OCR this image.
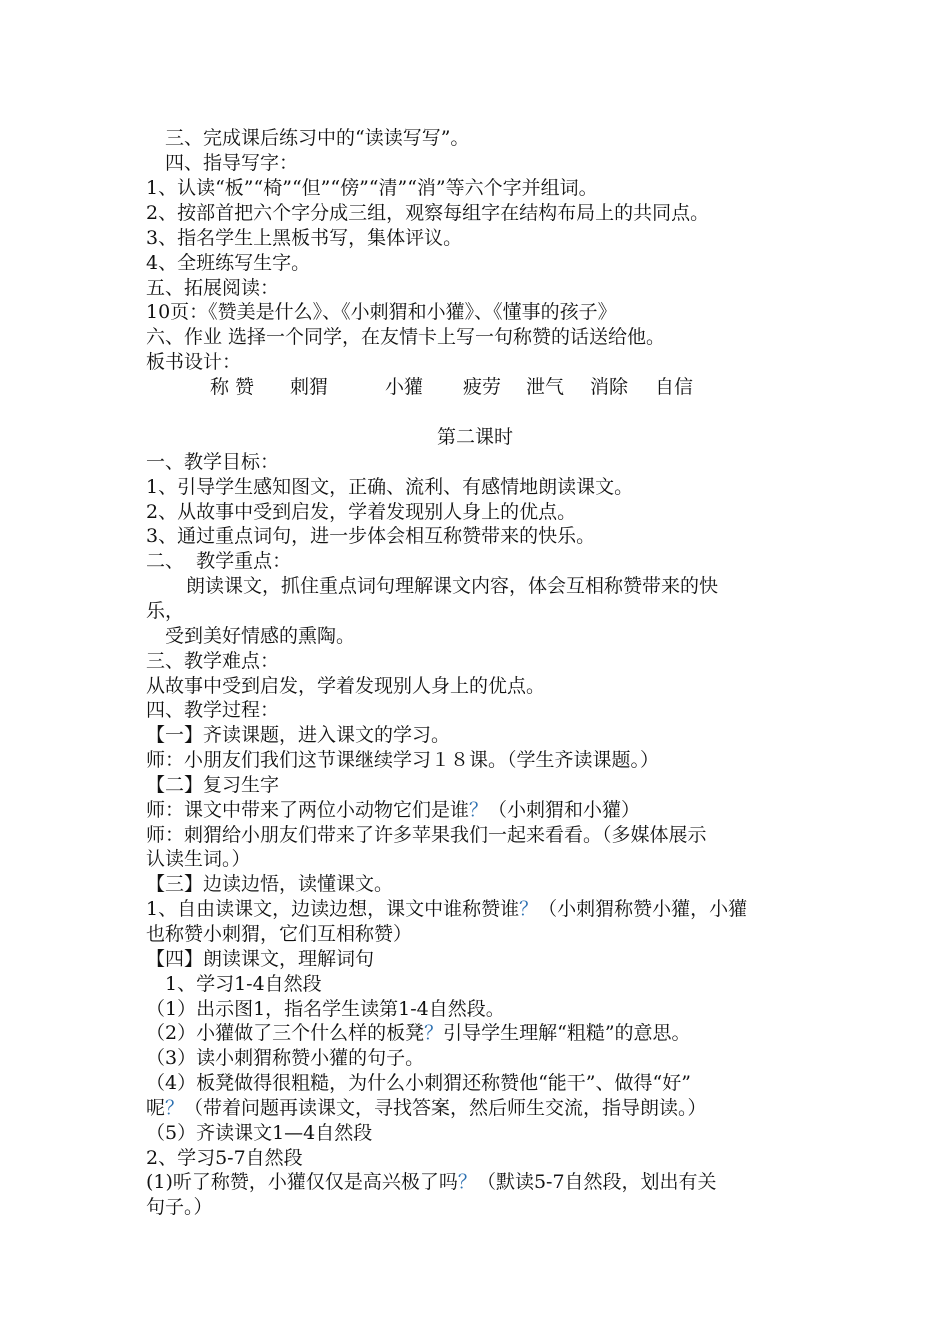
三、完成课后练习中的“读读写写”。
四、指导写字：
1、认读“板”“椅”“但”“傍”“清”“消”等六个字并组词。
2、按部首把六个字分成三组，观察每组字在结构布局上的共同点。
3、指名学生上黑板书写，集体评议。
4、全班练写生字。
五、拓展阅读：
10页：《赞美是什么》、《小刺猬和小獾》、《懂事的孩子》
六、作业 选择一个同学，在友情卡上写一句称赞的话送给他。
板书设计：
称 赞 刺猬	小獾 疲劳 泄气 消除 自信
第二课时
一、教学目标：
1、引导学生感知图文，正确、流利、有感情地朗读课文。
2、从故事中受到启发，学着发现别人身上的优点。
3、通过重点词句，进一步体会相互称赞带来的快乐。
二、  教学重点：
朗读课文，抓住重点词句理解课文内容，体会互相称赞带来的快
乐，
受到美好情感的熏陶。
三、教学难点：
从故事中受到启发，学着发现别人身上的优点。
四、教学过程：
【一】齐读课题，进入课文的学习。
师：小朋友们我们这节课继续学习１８课。（学生齐读课题。）
【二】复习生字
师：课文中带来了两位小动物它们是谁？（小刺猬和小獾）
师：刺猬给小朋友们带来了许多苹果我们一起来看看。（多媒体展示
认读生词。）
【三】边读边悟，读懂课文。
1、自由读课文，边读边想，课文中谁称赞谁？（小刺猬称赞小獾，小獾
也称赞小刺猬，它们互相称赞）
【四】朗读课文，理解词句
1、学习1-4自然段
（1）出示图1，指名学生读第1-4自然段。
（2）小獾做了三个什么样的板凳？引导学生理解“粗糙”的意思。
（3）读小刺猬称赞小獾的句子。
（4）板凳做得很粗糙，为什么小刺猬还称赞他“能干”、做得“好”
呢？（带着问题再读课文，寻找答案，然后师生交流，指导朗读。）
（5）齐读课文1—4自然段
2、学习5-7自然段
(1)听了称赞，小獾仅仅是高兴极了吗？（默读5-7自然段，划出有关
句子。）
